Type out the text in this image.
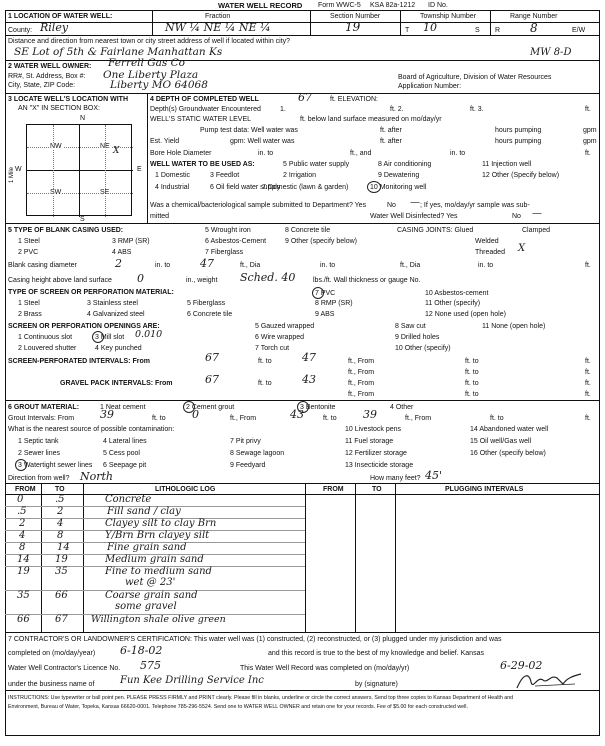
WATER WELL RECORD Form WWC-5 KSA 82a-1212 ID No.
1 LOCATION OF WATER WELL:	Fraction	Section Number	Township Number	Range Number
County: Riley	NW ¼ NE ¼ NE ¼	19	T 10	S R 8	E/W
Distance and direction from nearest town or city street address of well if located within city?
SE Lot of 5th & Fairlane Manhattan Ks	MW 8-D
2 WATER WELL OWNER: Ferrell Gas Co
RR#, St. Address, Box #: One Liberty Plaza
City, State, ZIP Code:	Liberty MO 64068
Board of Agriculture, Division of Water Resources
Application Number:
3 LOCATE WELL'S LOCATION WITH
AN "X" IN SECTION BOX:
N
S
W	E
1 Mile
NW	NE
SW	SE
X
4 DEPTH OF COMPLETED WELL	67	ft. ELEVATION:
Depth(s) Groundwater Encountered	1.	ft. 2.	ft. 3.	ft.
WELL'S STATIC WATER LEVEL	ft. below land surface measured on mo/day/yr
Pump test data: Well water was	ft. after	hours pumping	gpm
Est. Yield	gpm: Well water was	ft. after	hours pumping	gpm
Bore Hole Diameter	in. to	ft., and	in. to	ft.
WELL WATER TO BE USED AS:	5 Public water supply	8 Air conditioning	11 Injection well
1 Domestic	3 Feedlot	2 Irrigation	9 Dewatering	12 Other (Specify below)
4 Industrial	6 Oil field water supply
7 Domestic (lawn & garden)	10 Monitoring well
Was a chemical/bacteriological sample submitted to Department? Yes	No — ; If yes, mo/day/yr sample was sub-
mitted	Water Well Disinfected? Yes	No —
5 TYPE OF BLANK CASING USED:	CASING JOINTS: Glued	Clamped
1 Steel	3 RMP (SR)
5 Wrought iron	8 Concrete tile
6 Asbestos-Cement	9 Other (specify below)
2 PVC	4 ABS	7 Fiberglass
Welded
Threaded X
Blank casing diameter	2	in. to	47	ft., Dia	in. to	ft., Dia	in. to	ft.
Casing height above land surface 0	in., weight Sched. 40	lbs./ft. Wall thickness or gauge No.
TYPE OF SCREEN OR PERFORATION MATERIAL:
1 Steel	3 Stainless steel	5 Fiberglass
7 PVC	10 Asbestos-cement
2 Brass	4 Galvanized steel	6 Concrete tile
8 RMP (SR)
9 ABS
11 Other (specify)
12 None used (open hole)
SCREEN OR PERFORATION OPENINGS ARE:
1 Continuous slot	3 Mill slot 0.010
5 Gauzed wrapped	8 Saw cut	11 None (open hole)
2 Louvered shutter	4 Key punched
6 Wire wrapped
7 Torch cut
9 Drilled holes
10 Other (specify)
SCREEN-PERFORATED INTERVALS: From	67	ft. to	47	ft., From	ft. to	ft.
ft., From	ft. to	ft.
GRAVEL PACK INTERVALS: From	67	ft. to	43	ft., From	ft. to	ft.
ft., From	ft. to	ft.
6 GROUT MATERIAL:	1 Neat cement	2 Cement grout	3 Bentonite	4 Other
Grout Intervals: From 39	ft. to 0	ft., From	43	ft. to 39	ft., From	ft. to	ft.
What is the nearest source of possible contamination:	10 Livestock pens	14 Abandoned water well
1 Septic tank	4 Lateral lines	7 Pit privy	11 Fuel storage	15 Oil well/Gas well
2 Sewer lines	5 Cess pool	8 Sewage lagoon	12 Fertilizer storage	16 Other (specify below)
3 Watertight sewer lines 6 Seepage pit	9 Feedyard	13 Insecticide storage
Direction from well? North	How many feet? 45'
FROM	TO	LITHOLOGIC LOG	FROM	TO	PLUGGING INTERVALS
0	.5	Concrete
.5	2	Fill sand / clay
2	4	Clayey silt to clay Brn
4	8	Y/Brn Brn clayey silt
8	14	Fine grain sand
14	19	Medium grain sand
19	35	Fine to medium sand
wet @ 23'
35	66	Coarse grain sand
some gravel
66	67 Willington shale olive green
7 CONTRACTOR'S OR LANDOWNER'S CERTIFICATION: This water well was (1) constructed, (2) reconstructed, or (3) plugged under my jurisdiction and was
completed on (mo/day/year) 6-18-02	and this record is true to the best of my knowledge and belief. Kansas
Water Well Contractor's Licence No. 575	This Water Well Record was completed on (mo/day/yr)	6-29-02
under the business name of	Fun Kee Drilling Service Inc	by (signature)
INSTRUCTIONS: Use typewriter or ball point pen. PLEASE PRESS FIRMLY and PRINT clearly. Please fill in blanks, underline or circle the correct answers. Send top three copies to Kansas Department of Health and
Environment, Bureau of Water, Topeka, Kansas 66620-0001. Telephone 785-296-5524. Send one to WATER WELL OWNER and retain one for your records. Fee of $5.00 for each constructed well.
